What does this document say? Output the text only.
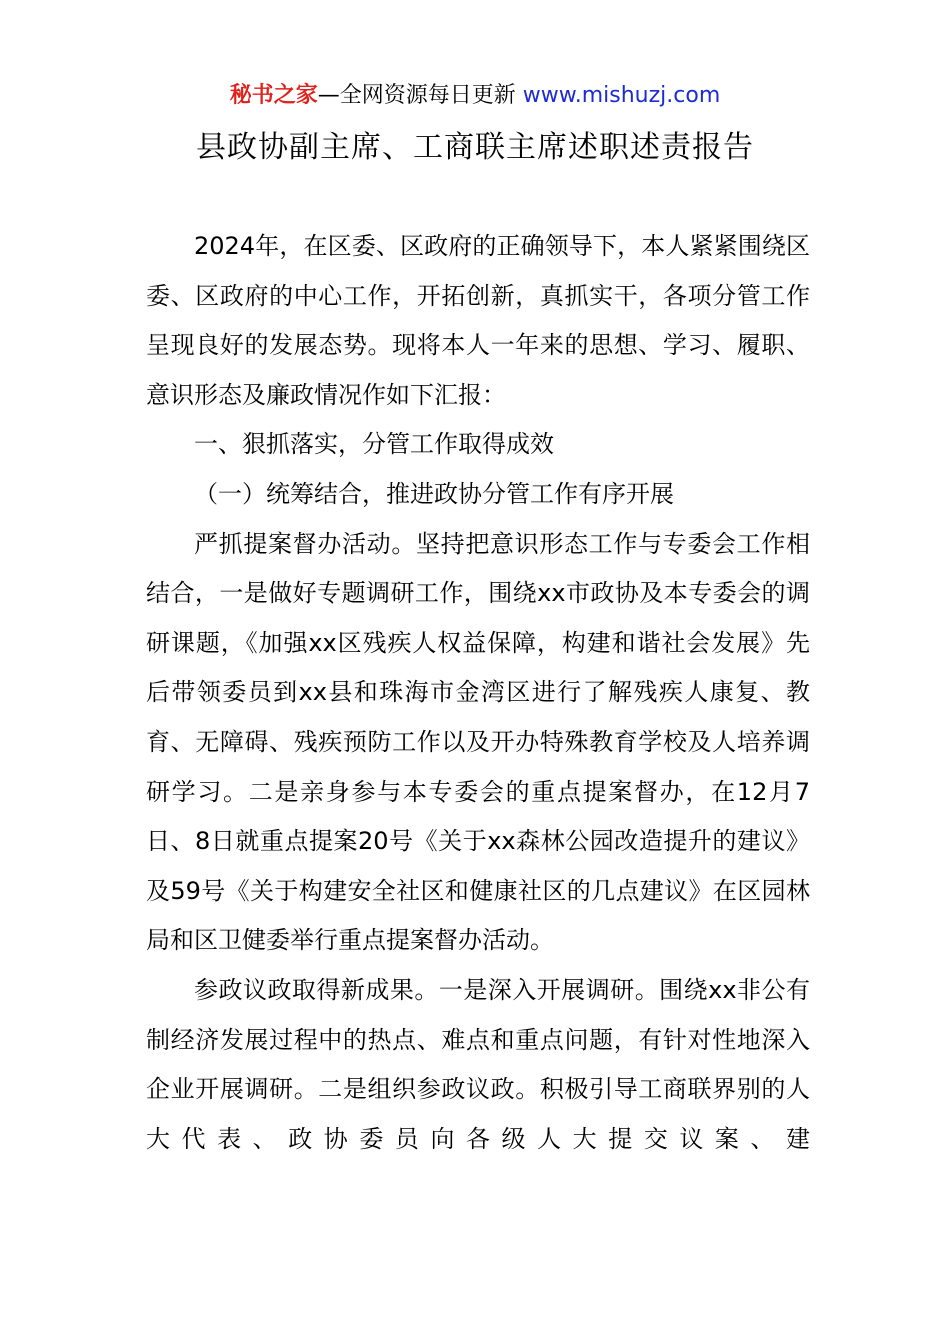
秘书之家—全网资源每日更新 www.mishuzj.com
县政协副主席、工商联主席述职述责报告

2024年，在区委、区政府的正确领导下，本人紧紧围绕区委、区政府的中心工作，开拓创新，真抓实干，各项分管工作呈现良好的发展态势。现将本人一年来的思想、学习、履职、意识形态及廉政情况作如下汇报：

一、狠抓落实，分管工作取得成效

（一）统筹结合，推进政协分管工作有序开展

严抓提案督办活动。坚持把意识形态工作与专委会工作相结合，一是做好专题调研工作，围绕xx市政协及本专委会的调研课题，《加强xx区残疾人权益保障，构建和谐社会发展》先后带领委员到xx县和珠海市金湾区进行了解残疾人康复、教育、无障碍、残疾预防工作以及开办特殊教育学校及人培养调研学习。二是亲身参与本专委会的重点提案督办，在12月7日、8日就重点提案20号《关于xx森林公园改造提升的建议》及59号《关于构建安全社区和健康社区的几点建议》在区园林局和区卫健委举行重点提案督办活动。

参政议政取得新成果。一是深入开展调研。围绕xx非公有制经济发展过程中的热点、难点和重点问题，有针对性地深入企业开展调研。二是组织参政议政。积极引导工商联界别的人大代表、政协委员向各级人大提交议案、建
